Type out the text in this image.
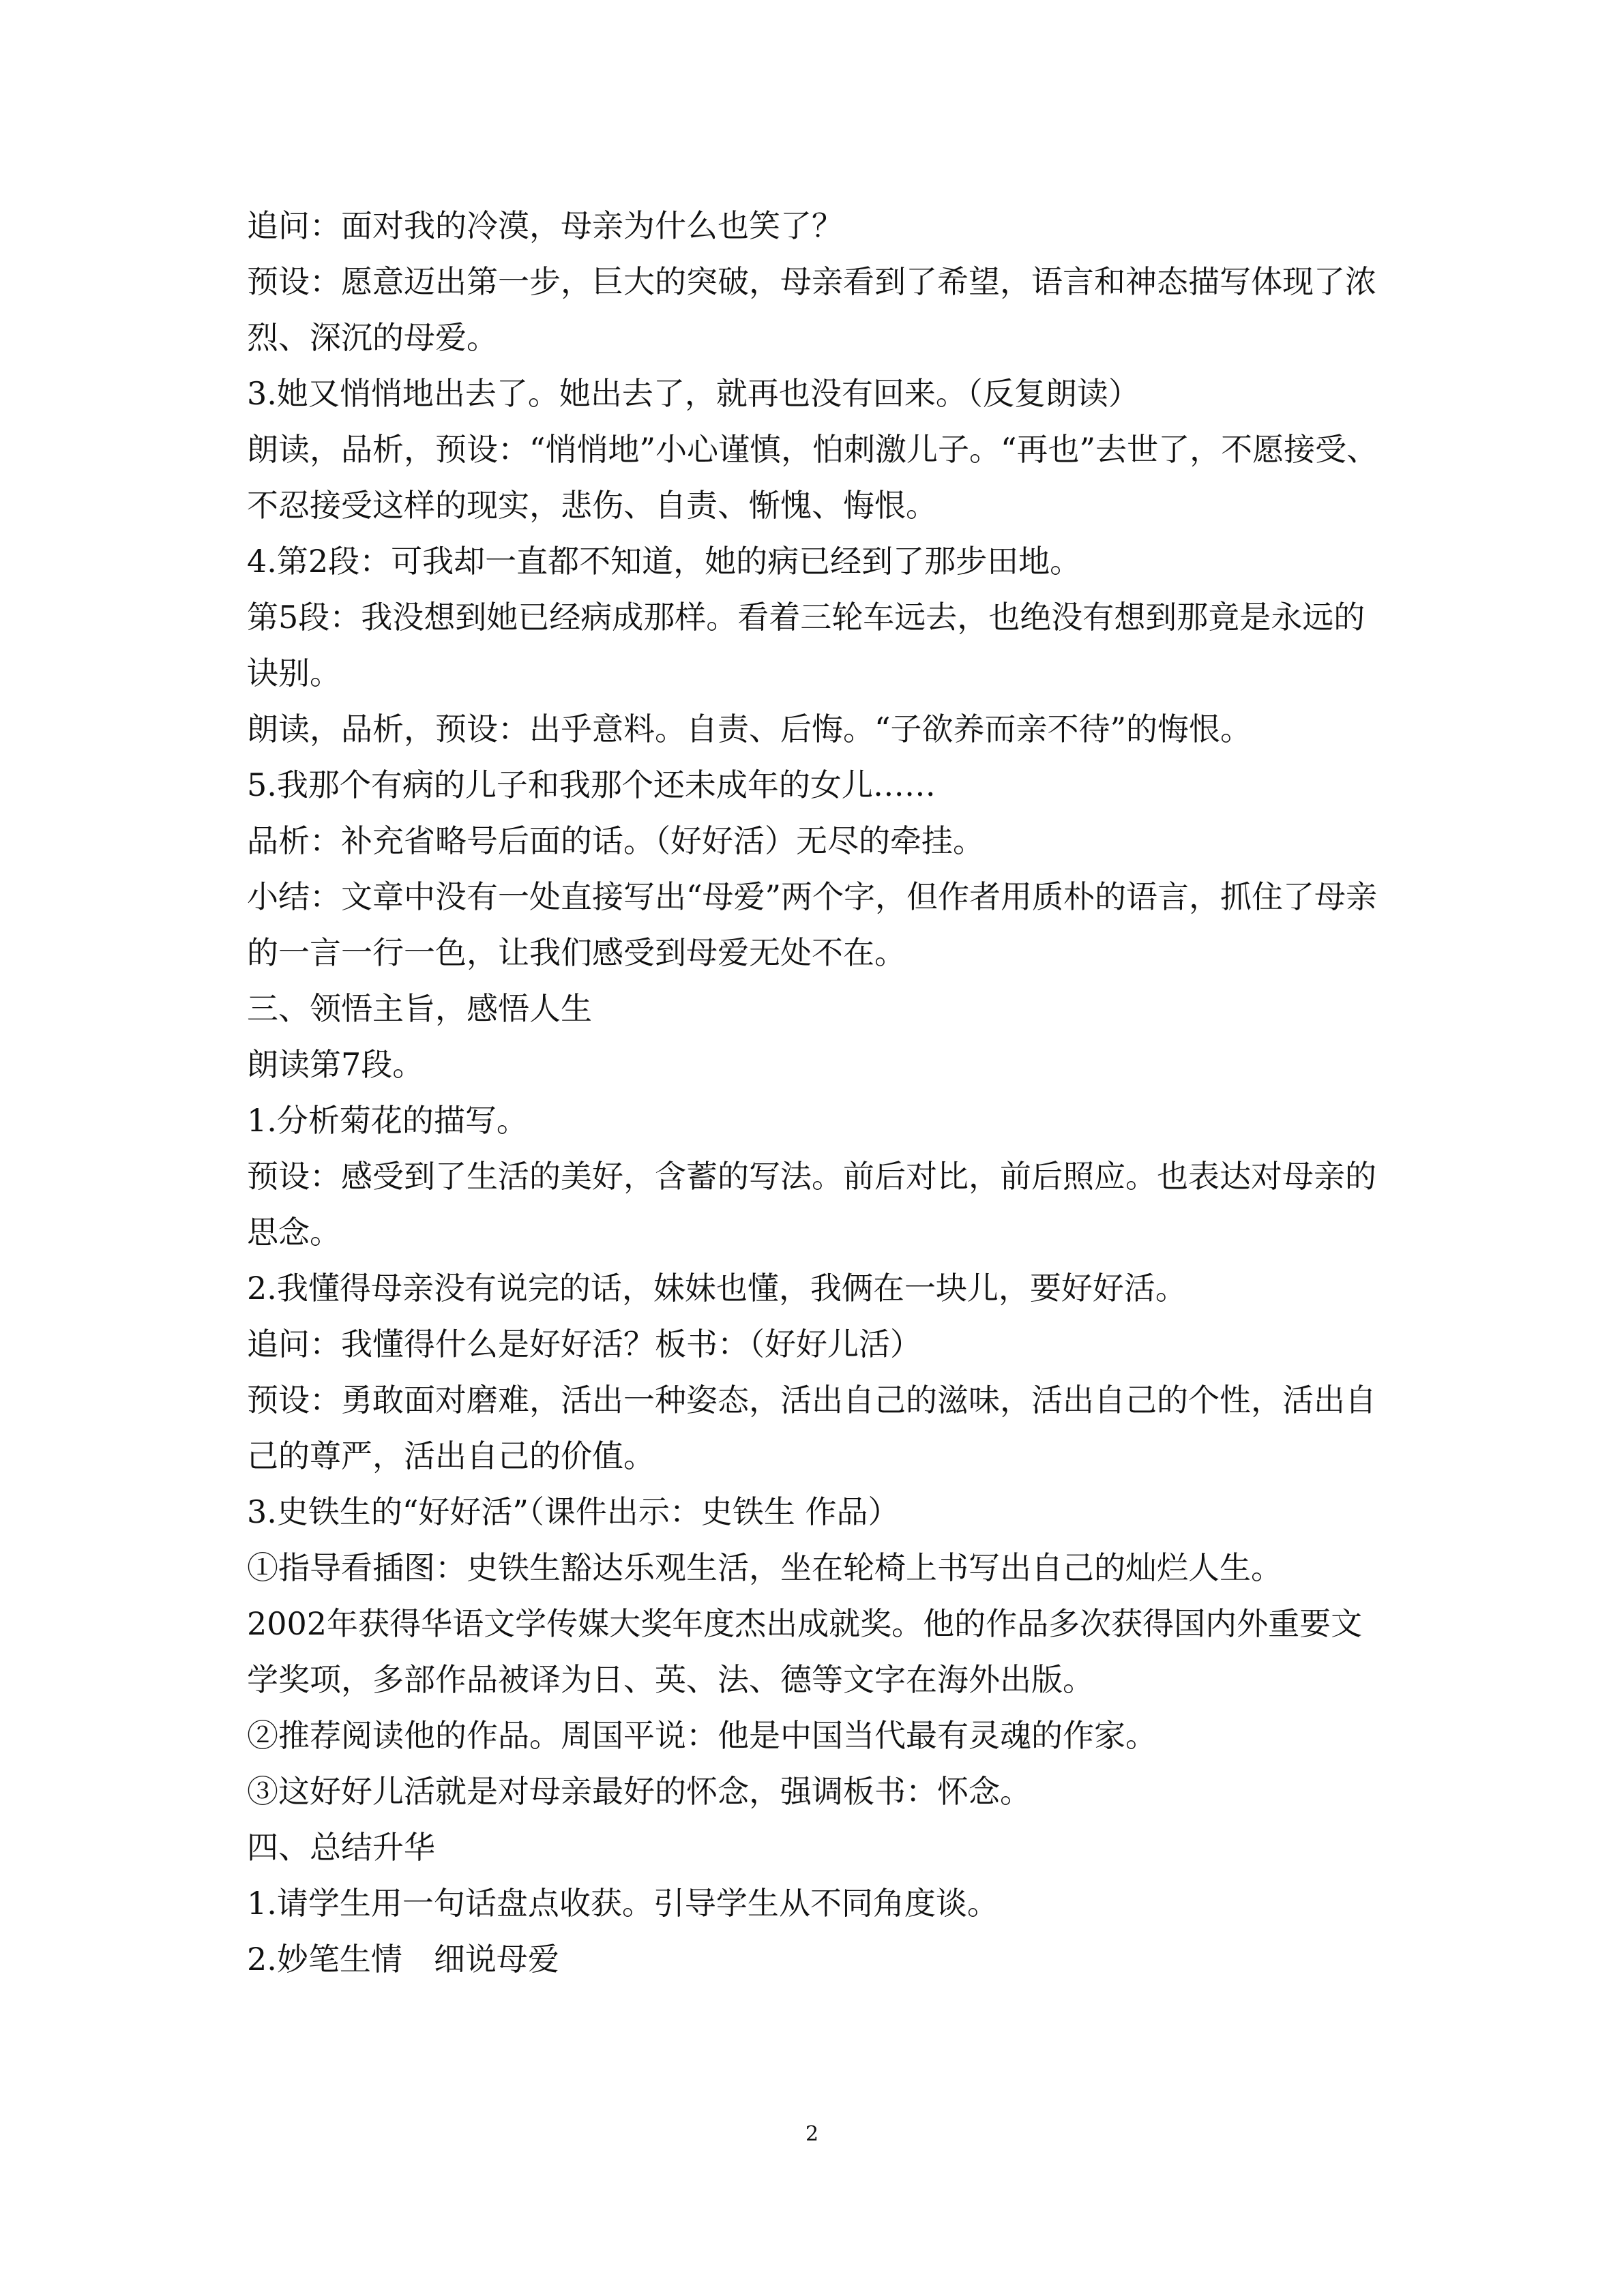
追问：面对我的冷漠，母亲为什么也笑了？

预设：愿意迈出第一步，巨大的突破，母亲看到了希望，语言和神态描写体现了浓烈、深沉的母爱。

3.她又悄悄地出去了。她出去了，就再也没有回来。（反复朗读）

朗读，品析，预设：“悄悄地”小心谨慎，怕刺激儿子。“再也”去世了，不愿接受、不忍接受这样的现实，悲伤、自责、惭愧、悔恨。

4.第2段：可我却一直都不知道，她的病已经到了那步田地。

第5段：我没想到她已经病成那样。看着三轮车远去，也绝没有想到那竟是永远的诀别。

朗读，品析，预设：出乎意料。自责、后悔。“子欲养而亲不待”的悔恨。

5.我那个有病的儿子和我那个还未成年的女儿……

品析：补充省略号后面的话。（好好活）无尽的牵挂。

小结：文章中没有一处直接写出“母爱”两个字，但作者用质朴的语言，抓住了母亲的一言一行一色，让我们感受到母爱无处不在。

三、领悟主旨，感悟人生

朗读第7段。

1.分析菊花的描写。

预设：感受到了生活的美好，含蓄的写法。前后对比，前后照应。也表达对母亲的思念。

2.我懂得母亲没有说完的话，妹妹也懂，我俩在一块儿，要好好活。

追问：我懂得什么是好好活？板书：（好好儿活）

预设：勇敢面对磨难，活出一种姿态，活出自己的滋味，活出自己的个性，活出自己的尊严，活出自己的价值。

3.史铁生的“好好活”（课件出示：史铁生 作品）

①指导看插图：史铁生豁达乐观生活，坐在轮椅上书写出自己的灿烂人生。

2002年获得华语文学传媒大奖年度杰出成就奖。他的作品多次获得国内外重要文学奖项，多部作品被译为日、英、法、德等文字在海外出版。

②推荐阅读他的作品。周国平说：他是中国当代最有灵魂的作家。

③这好好儿活就是对母亲最好的怀念，强调板书：怀念。

四、总结升华

1.请学生用一句话盘点收获。引导学生从不同角度谈。

2.妙笔生情　细说母爱

2
